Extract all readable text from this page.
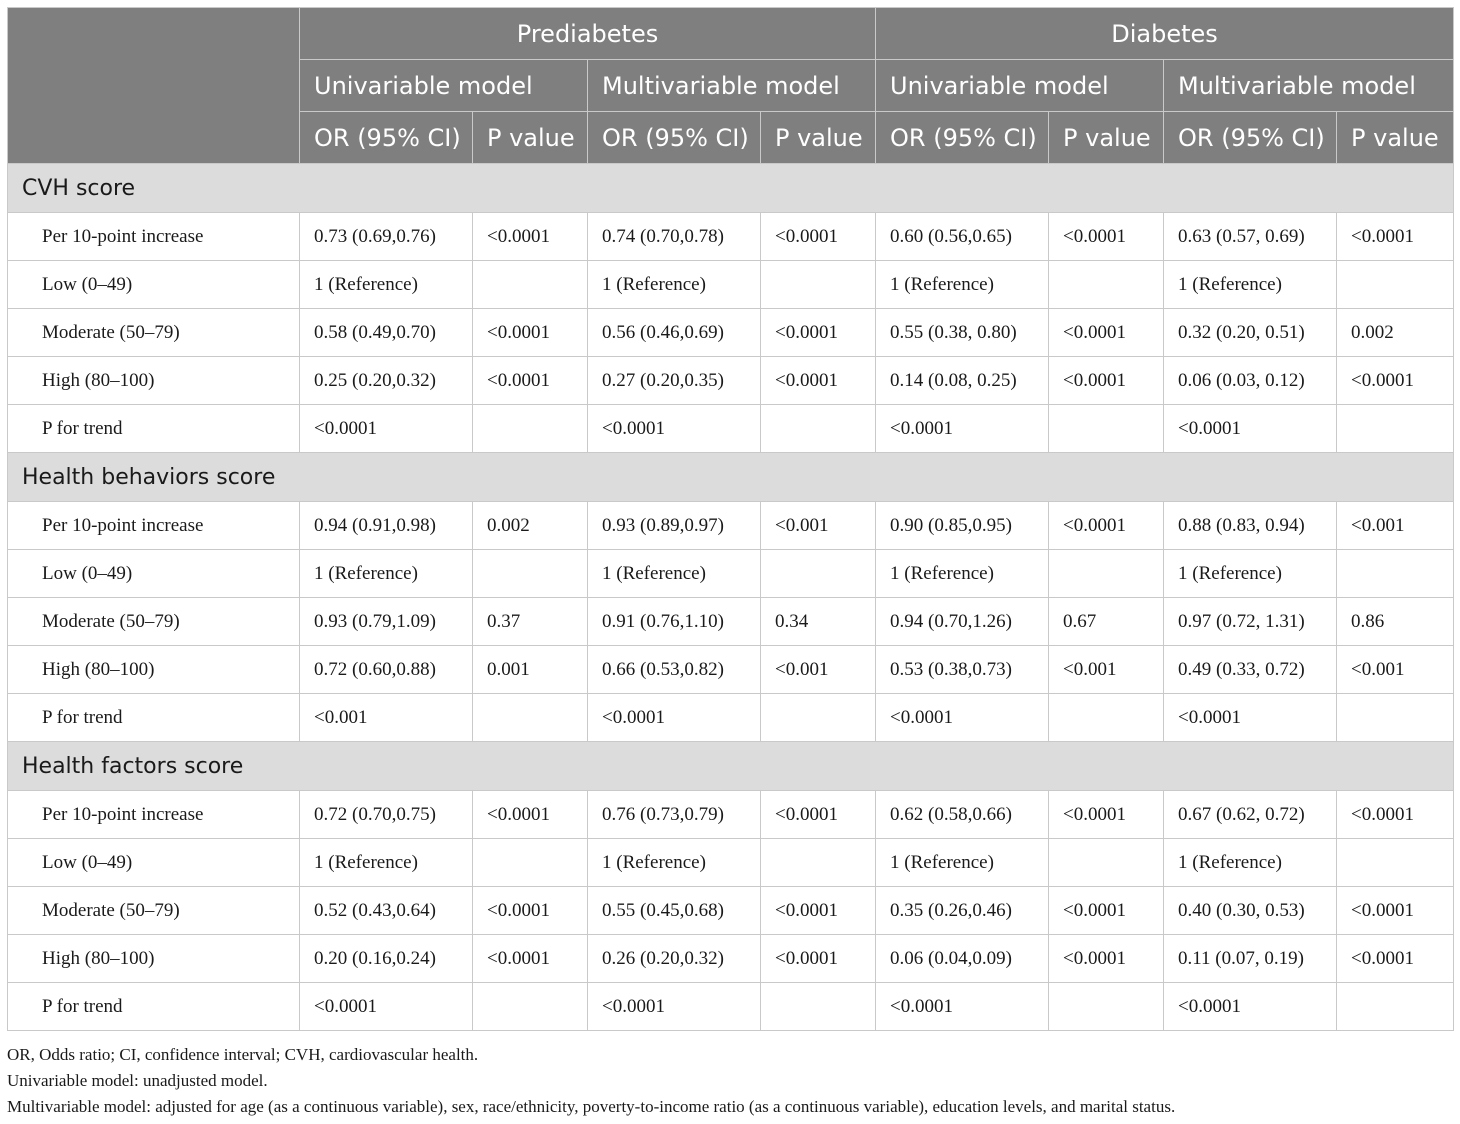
	Prediabetes				Diabetes			
	Univariable model		Multivariable model		Univariable model		Multivariable model	
	OR (95% CI)	P value	OR (95% CI)	P value	OR (95% CI)	P value	OR (95% CI)	P value
CVH score								
Per 10-point increase	0.73 (0.69,0.76)	<0.0001	0.74 (0.70,0.78)	<0.0001	0.60 (0.56,0.65)	<0.0001	0.63 (0.57, 0.69)	<0.0001
Low (0–49)	1 (Reference)		1 (Reference)		1 (Reference)		1 (Reference)	
Moderate (50–79)	0.58 (0.49,0.70)	<0.0001	0.56 (0.46,0.69)	<0.0001	0.55 (0.38, 0.80)	<0.0001	0.32 (0.20, 0.51)	0.002
High (80–100)	0.25 (0.20,0.32)	<0.0001	0.27 (0.20,0.35)	<0.0001	0.14 (0.08, 0.25)	<0.0001	0.06 (0.03, 0.12)	<0.0001
P for trend	<0.0001		<0.0001		<0.0001		<0.0001	
Health behaviors score								
Per 10-point increase	0.94 (0.91,0.98)	0.002	0.93 (0.89,0.97)	<0.001	0.90 (0.85,0.95)	<0.0001	0.88 (0.83, 0.94)	<0.001
Low (0–49)	1 (Reference)		1 (Reference)		1 (Reference)		1 (Reference)	
Moderate (50–79)	0.93 (0.79,1.09)	0.37	0.91 (0.76,1.10)	0.34	0.94 (0.70,1.26)	0.67	0.97 (0.72, 1.31)	0.86
High (80–100)	0.72 (0.60,0.88)	0.001	0.66 (0.53,0.82)	<0.001	0.53 (0.38,0.73)	<0.001	0.49 (0.33, 0.72)	<0.001
P for trend	<0.001		<0.0001		<0.0001		<0.0001	
Health factors score								
Per 10-point increase	0.72 (0.70,0.75)	<0.0001	0.76 (0.73,0.79)	<0.0001	0.62 (0.58,0.66)	<0.0001	0.67 (0.62, 0.72)	<0.0001
Low (0–49)	1 (Reference)		1 (Reference)		1 (Reference)		1 (Reference)	
Moderate (50–79)	0.52 (0.43,0.64)	<0.0001	0.55 (0.45,0.68)	<0.0001	0.35 (0.26,0.46)	<0.0001	0.40 (0.30, 0.53)	<0.0001
High (80–100)	0.20 (0.16,0.24)	<0.0001	0.26 (0.20,0.32)	<0.0001	0.06 (0.04,0.09)	<0.0001	0.11 (0.07, 0.19)	<0.0001
P for trend	<0.0001		<0.0001		<0.0001		<0.0001	
OR, Odds ratio; CI, confidence interval; CVH, cardiovascular health.
Univariable model: unadjusted model.
Multivariable model: adjusted for age (as a continuous variable), sex, race/ethnicity, poverty-to-income ratio (as a continuous variable), education levels, and marital status.
